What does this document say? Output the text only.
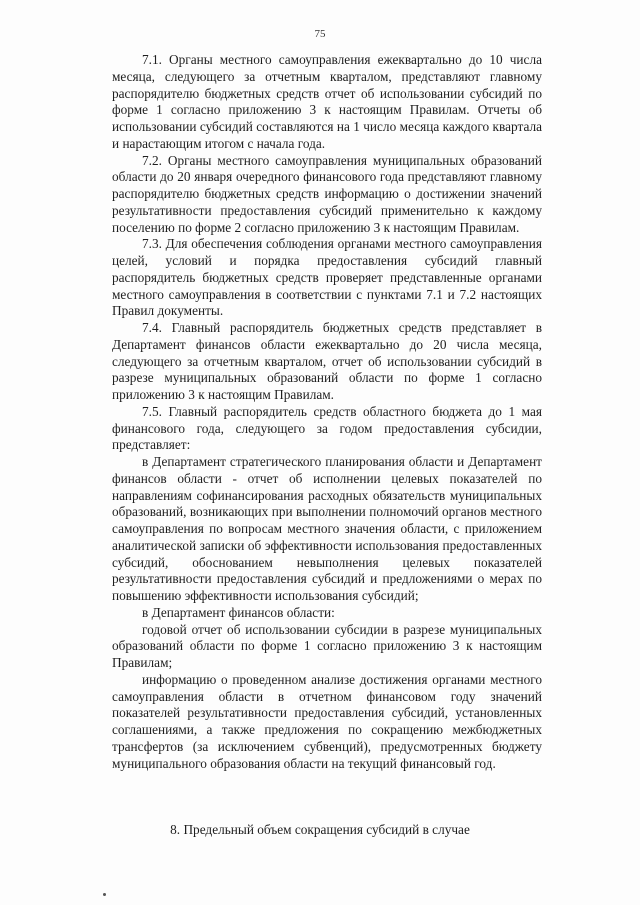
75

7.1. Органы местного самоуправления ежеквартально до 10 числа месяца, следующего за отчетным кварталом, представляют главному распорядителю бюджетных средств отчет об использовании субсидий по форме 1 согласно приложению 3 к настоящим Правилам. Отчеты об использовании субсидий составляются на 1 число месяца каждого квартала и нарастающим итогом с начала года.

7.2. Органы местного самоуправления муниципальных образований области до 20 января очередного финансового года представляют главному распорядителю бюджетных средств информацию о достижении значений результативности предоставления субсидий применительно к каждому поселению по форме 2 согласно приложению 3 к настоящим Правилам.

7.3. Для обеспечения соблюдения органами местного самоуправления целей, условий и порядка предоставления субсидий главный распорядитель бюджетных средств проверяет представленные органами местного самоуправления в соответствии с пунктами 7.1 и 7.2 настоящих Правил документы.

7.4. Главный распорядитель бюджетных средств представляет в Департамент финансов области ежеквартально до 20 числа месяца, следующего за отчетным кварталом, отчет об использовании субсидий в разрезе муниципальных образований области по форме 1 согласно приложению 3 к настоящим Правилам.

7.5. Главный распорядитель средств областного бюджета до 1 мая финансового года, следующего за годом предоставления субсидии, представляет:

в Департамент стратегического планирования области и Департамент финансов области - отчет об исполнении целевых показателей по направлениям софинансирования расходных обязательств муниципальных образований, возникающих при выполнении полномочий органов местного самоуправления по вопросам местного значения области, с приложением аналитической записки об эффективности использования предоставленных субсидий, обоснованием невыполнения целевых показателей результативности предоставления субсидий и предложениями о мерах по повышению эффективности использования субсидий;

в Департамент финансов области:

годовой отчет об использовании субсидии в разрезе муниципальных образований области по форме 1 согласно приложению 3 к настоящим Правилам;

информацию о проведенном анализе достижения органами местного самоуправления области в отчетном финансовом году значений показателей результативности предоставления субсидий, установленных соглашениями, а также предложения по сокращению межбюджетных трансфертов (за исключением субвенций), предусмотренных бюджету муниципального образования области на текущий финансовый год.

8. Предельный объем сокращения субсидий в случае
